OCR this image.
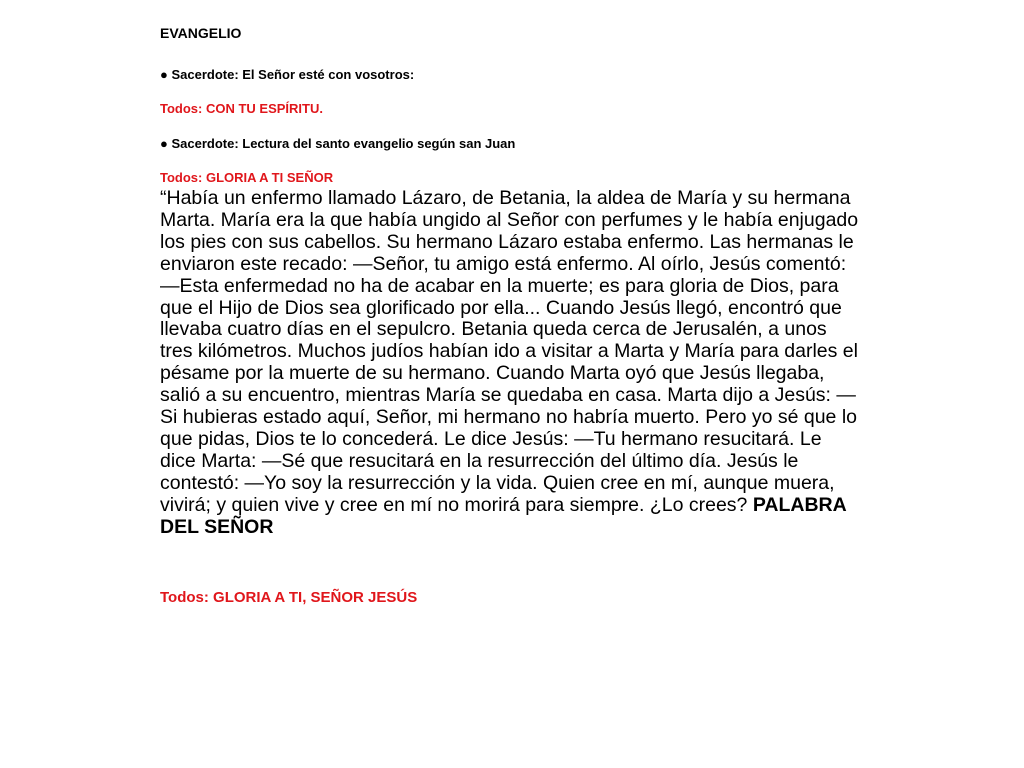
EVANGELIO
● Sacerdote: El Señor esté con vosotros:
Todos: CON TU ESPÍRITU.
● Sacerdote: Lectura del santo evangelio según san Juan
Todos: GLORIA A TI SEÑOR

“Había un enfermo llamado Lázaro, de Betania, la aldea de María y su hermana Marta. María era la que había ungido al Señor con perfumes y le había enjugado los pies con sus cabellos. Su hermano Lázaro estaba enfermo. Las hermanas le enviaron este recado: —Señor, tu amigo está enfermo. Al oírlo, Jesús comentó: —Esta enfermedad no ha de acabar en la muerte; es para gloria de Dios, para que el Hijo de Dios sea glorificado por ella... Cuando Jesús llegó, encontró que llevaba cuatro días en el sepulcro. Betania queda cerca de Jerusalén, a unos tres kilómetros. Muchos judíos habían ido a visitar a Marta y María para darles el pésame por la muerte de su hermano. Cuando Marta oyó que Jesús llegaba, salió a su encuentro, mientras María se quedaba en casa. Marta dijo a Jesús: —Si hubieras estado aquí, Señor, mi hermano no habría muerto. Pero yo sé que lo que pidas, Dios te lo concederá. Le dice Jesús: —Tu hermano resucitará. Le dice Marta: —Sé que resucitará en la resurrección del último día. Jesús le contestó: —Yo soy la resurrección y la vida. Quien cree en mí, aunque muera, vivirá; y quien vive y cree en mí no morirá para siempre. ¿Lo crees? PALABRA DEL SEÑOR

Todos: GLORIA A TI, SEÑOR JESÚS
